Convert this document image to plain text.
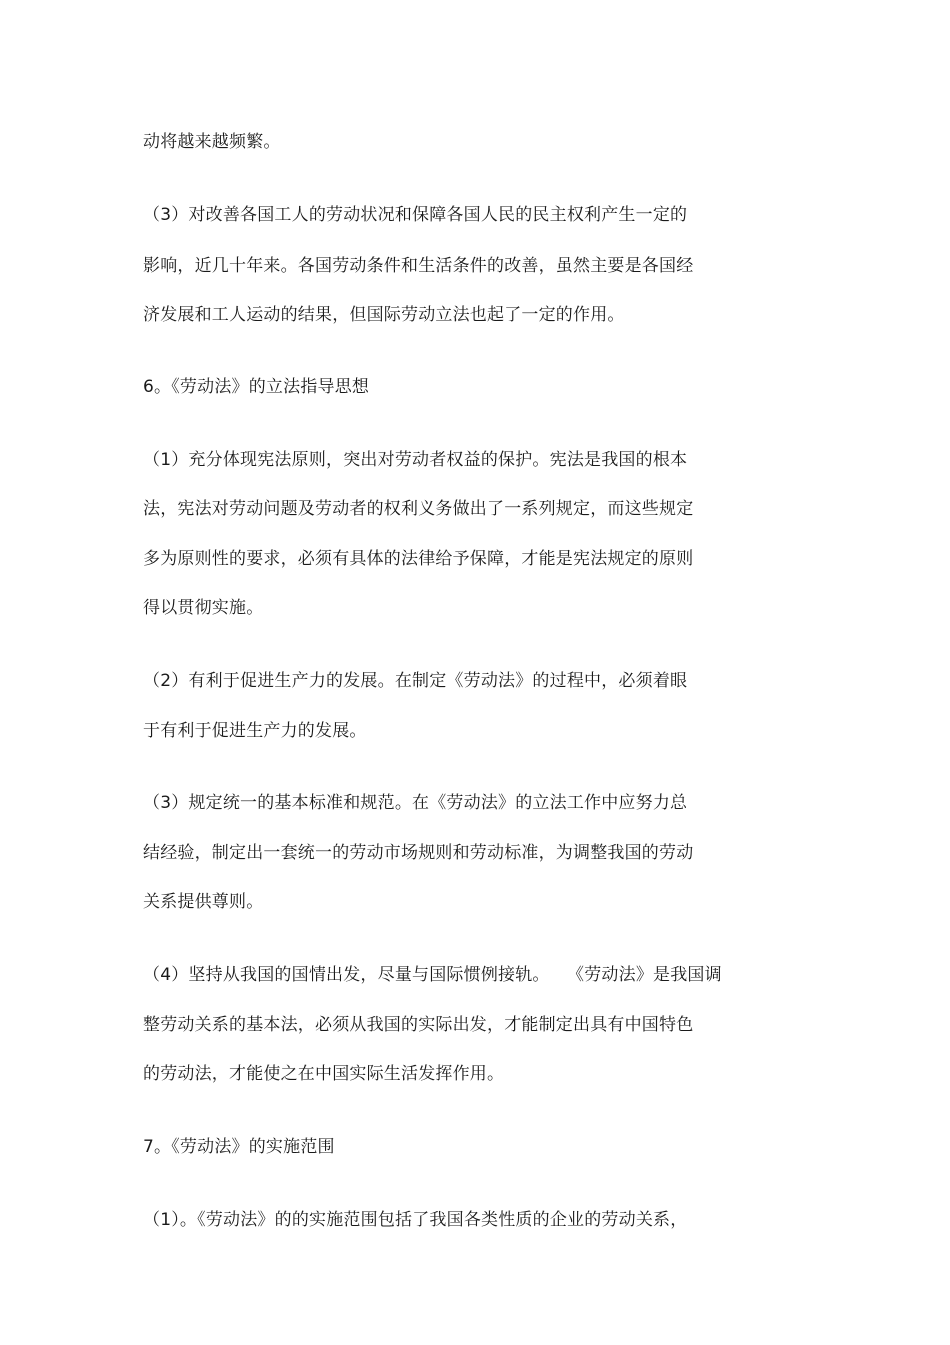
动将越来越频繁。
（3）对改善各国工人的劳动状况和保障各国人民的民主权利产生一定的
影响，近几十年来。各国劳动条件和生活条件的改善，虽然主要是各国经
济发展和工人运动的结果，但国际劳动立法也起了一定的作用。
6。《劳动法》的立法指导思想
（1）充分体现宪法原则，突出对劳动者权益的保护。宪法是我国的根本
法，宪法对劳动问题及劳动者的权利义务做出了一系列规定，而这些规定
多为原则性的要求，必须有具体的法律给予保障，才能是宪法规定的原则
得以贯彻实施。
（2）有利于促进生产力的发展。在制定《劳动法》的过程中，必须着眼
于有利于促进生产力的发展。
（3）规定统一的基本标准和规范。在《劳动法》的立法工作中应努力总
结经验，制定出一套统一的劳动市场规则和劳动标准，为调整我国的劳动
关系提供尊则。
（4）坚持从我国的国情出发，尽量与国际惯例接轨。　　《劳动法》是我国调
整劳动关系的基本法，必须从我国的实际出发，才能制定出具有中国特色
的劳动法，才能使之在中国实际生活发挥作用。
7。《劳动法》的实施范围
（1）。《劳动法》的的实施范围包括了我国各类性质的企业的劳动关系，
